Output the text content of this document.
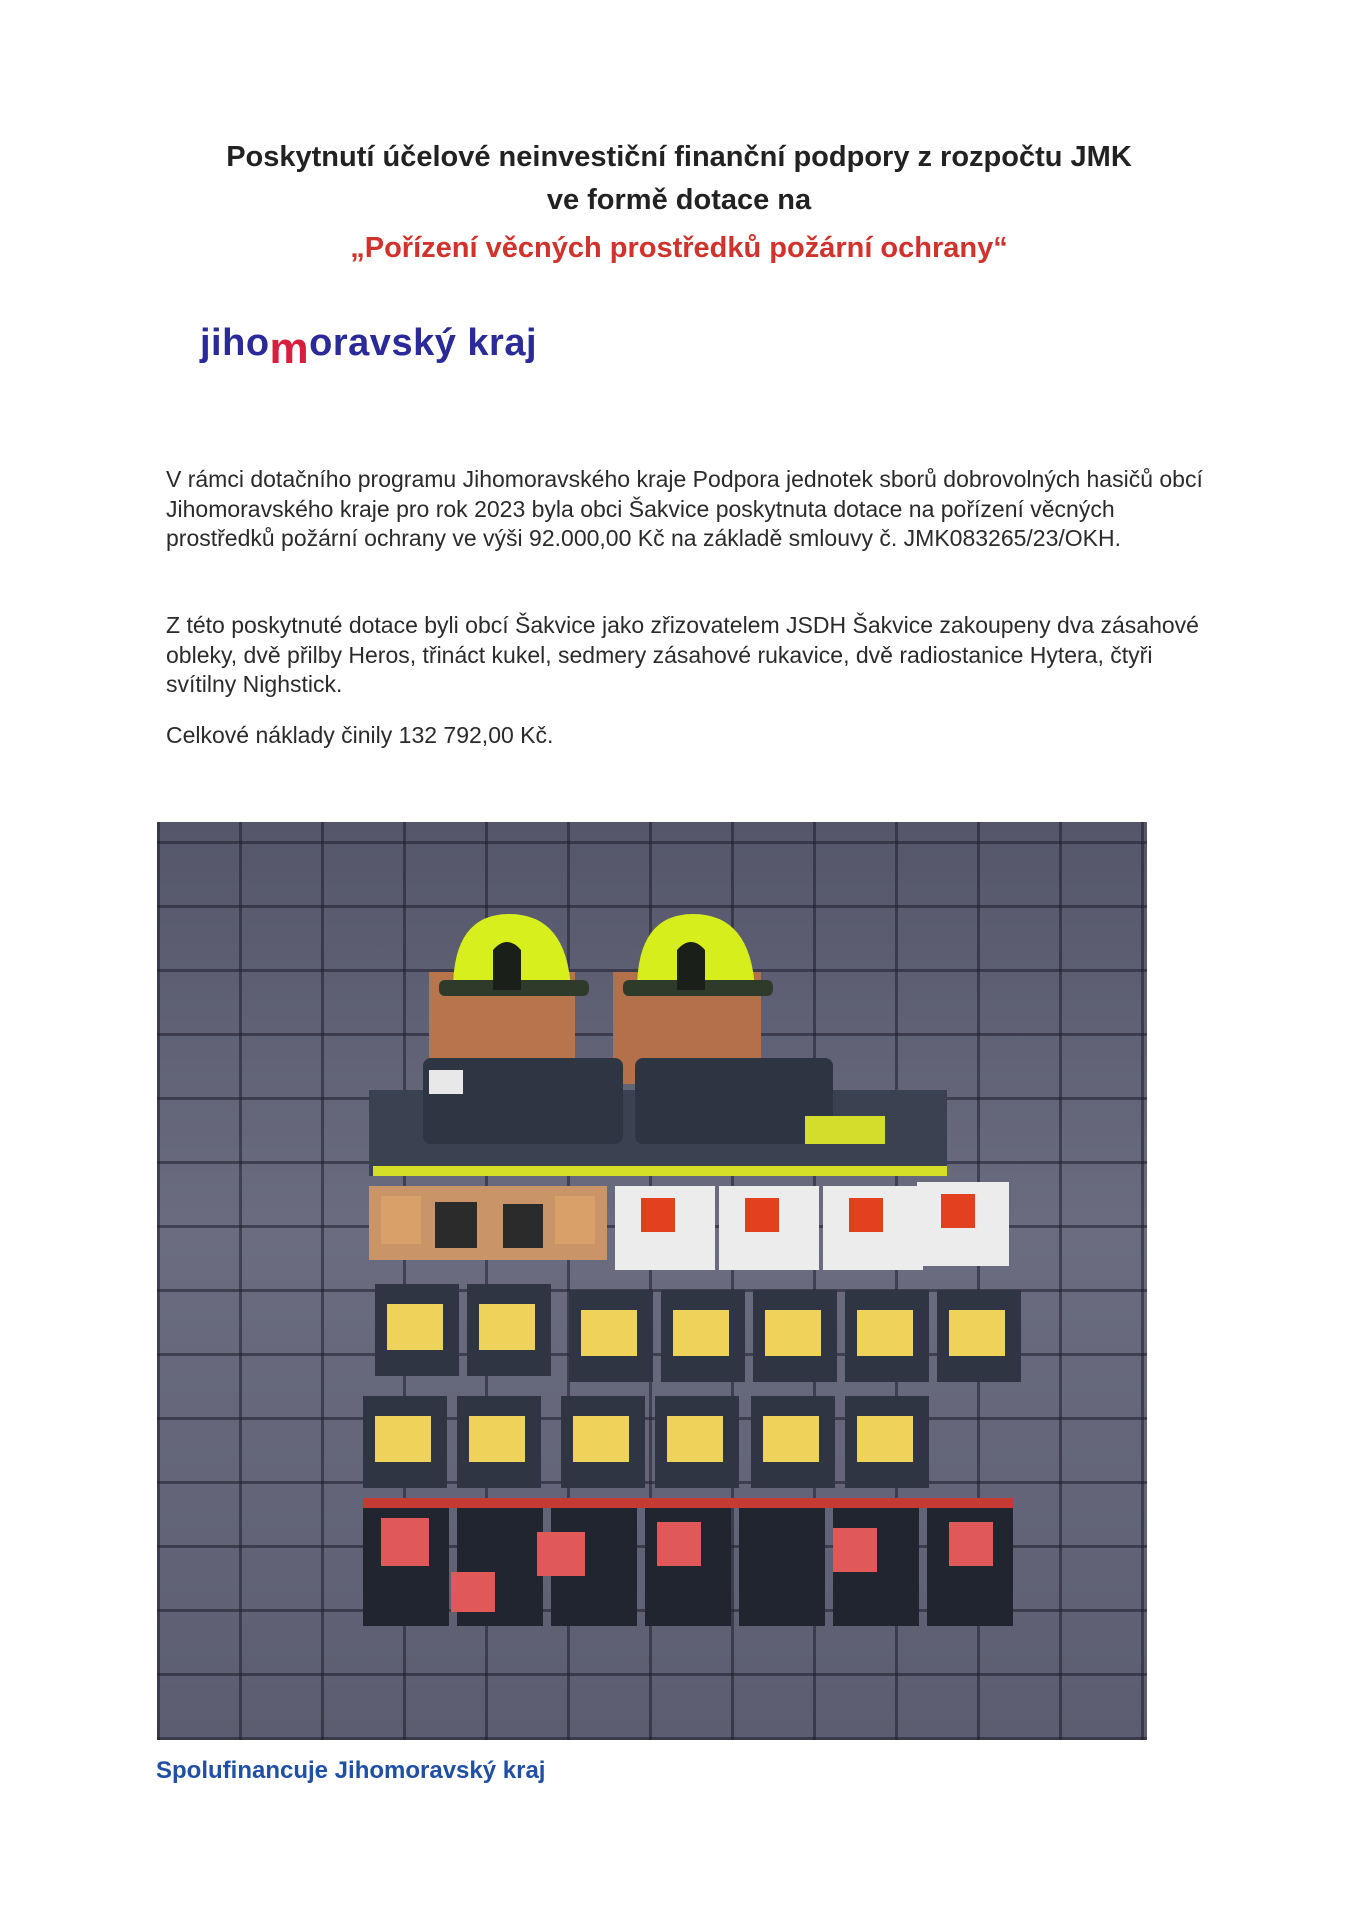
Poskytnutí účelové neinvestiční finanční podpory z rozpočtu JMK
ve formě dotace na
„Pořízení věcných prostředků požární ochrany“
jihomoravský kraj
V rámci dotačního programu Jihomoravského kraje Podpora jednotek sborů dobrovolných hasičů obcí Jihomoravského kraje pro rok 2023 byla obci Šakvice poskytnuta dotace na pořízení věcných prostředků požární ochrany ve výši 92.000,00 Kč na základě smlouvy č. JMK083265/23/OKH.
Z této poskytnuté dotace byli obcí Šakvice jako zřizovatelem JSDH Šakvice zakoupeny dva zásahové obleky, dvě přilby Heros, třináct kukel, sedmery zásahové rukavice, dvě radiostanice Hytera, čtyři svítilny Nighstick.
Celkové náklady činily 132 792,00 Kč.
Spolufinancuje Jihomoravský kraj
